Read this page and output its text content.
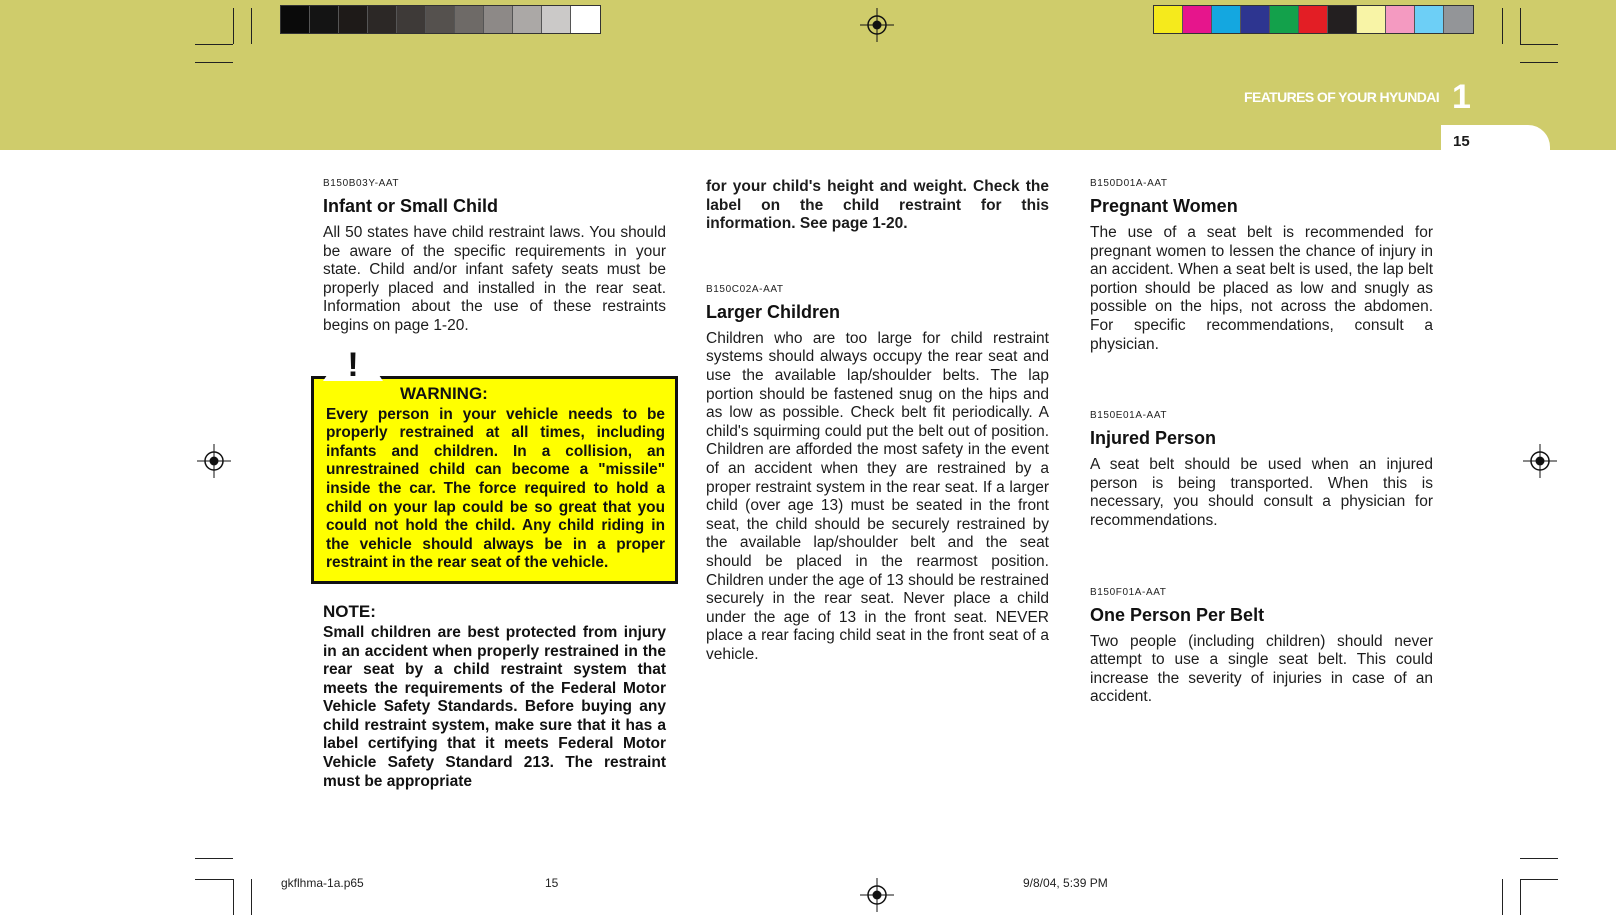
FEATURES OF YOUR HYUNDAI 1
15
B150B03Y-AAT
Infant or Small Child
All 50 states have child restraint laws. You should be aware of the specific requirements in your state. Child and/or infant safety seats must be properly placed and installed in the rear seat. Information about the use of these restraints begins on page 1-20.
!
WARNING:
Every person in your vehicle needs to be properly restrained at all times, including infants and children. In a collision, an unrestrained child can become a "missile" inside the car. The force required to hold a child on your lap could be so great that you could not hold the child. Any child riding in the vehicle should always be in a proper restraint in the rear seat of the vehicle.
NOTE:
Small children are best protected from injury in an accident when properly restrained in the rear seat by a child restraint system that meets the requirements of the Federal Motor Vehicle Safety Standards. Before buying any child restraint system, make sure that it has a label certifying that it meets Federal Motor Vehicle Safety Standard 213. The restraint must be appropriate
for your child's height and weight. Check the label on the child restraint for this information. See page 1-20.
B150C02A-AAT
Larger Children
Children who are too large for child restraint systems should always occupy the rear seat and use the available lap/shoulder belts. The lap portion should be fastened snug on the hips and as low as possible. Check belt fit periodically. A child's squirming could put the belt out of position. Children are afforded the most safety in the event of an accident when they are restrained by a proper restraint system in the rear seat. If a larger child (over age 13) must be seated in the front seat, the child should be securely restrained by the available lap/shoulder belt and the seat should be placed in the rearmost position. Children under the age of 13 should be restrained securely in the rear seat. Never place a child under the age of 13 in the front seat. NEVER place a rear facing child seat in the front seat of a vehicle.
B150D01A-AAT
Pregnant Women
The use of a seat belt is recommended for pregnant women to lessen the chance of injury in an accident. When a seat belt is used, the lap belt portion should be placed as low and snugly as possible on the hips, not across the abdomen. For specific recommendations, consult a physician.
B150E01A-AAT
Injured Person
A seat belt should be used when an injured person is being transported. When this is necessary, you should consult a physician for recommendations.
B150F01A-AAT
One Person Per Belt
Two people (including children) should never attempt to use a single seat belt. This could increase the severity of injuries in case of an accident.
gkflhma-1a.p65	15	9/8/04, 5:39 PM
